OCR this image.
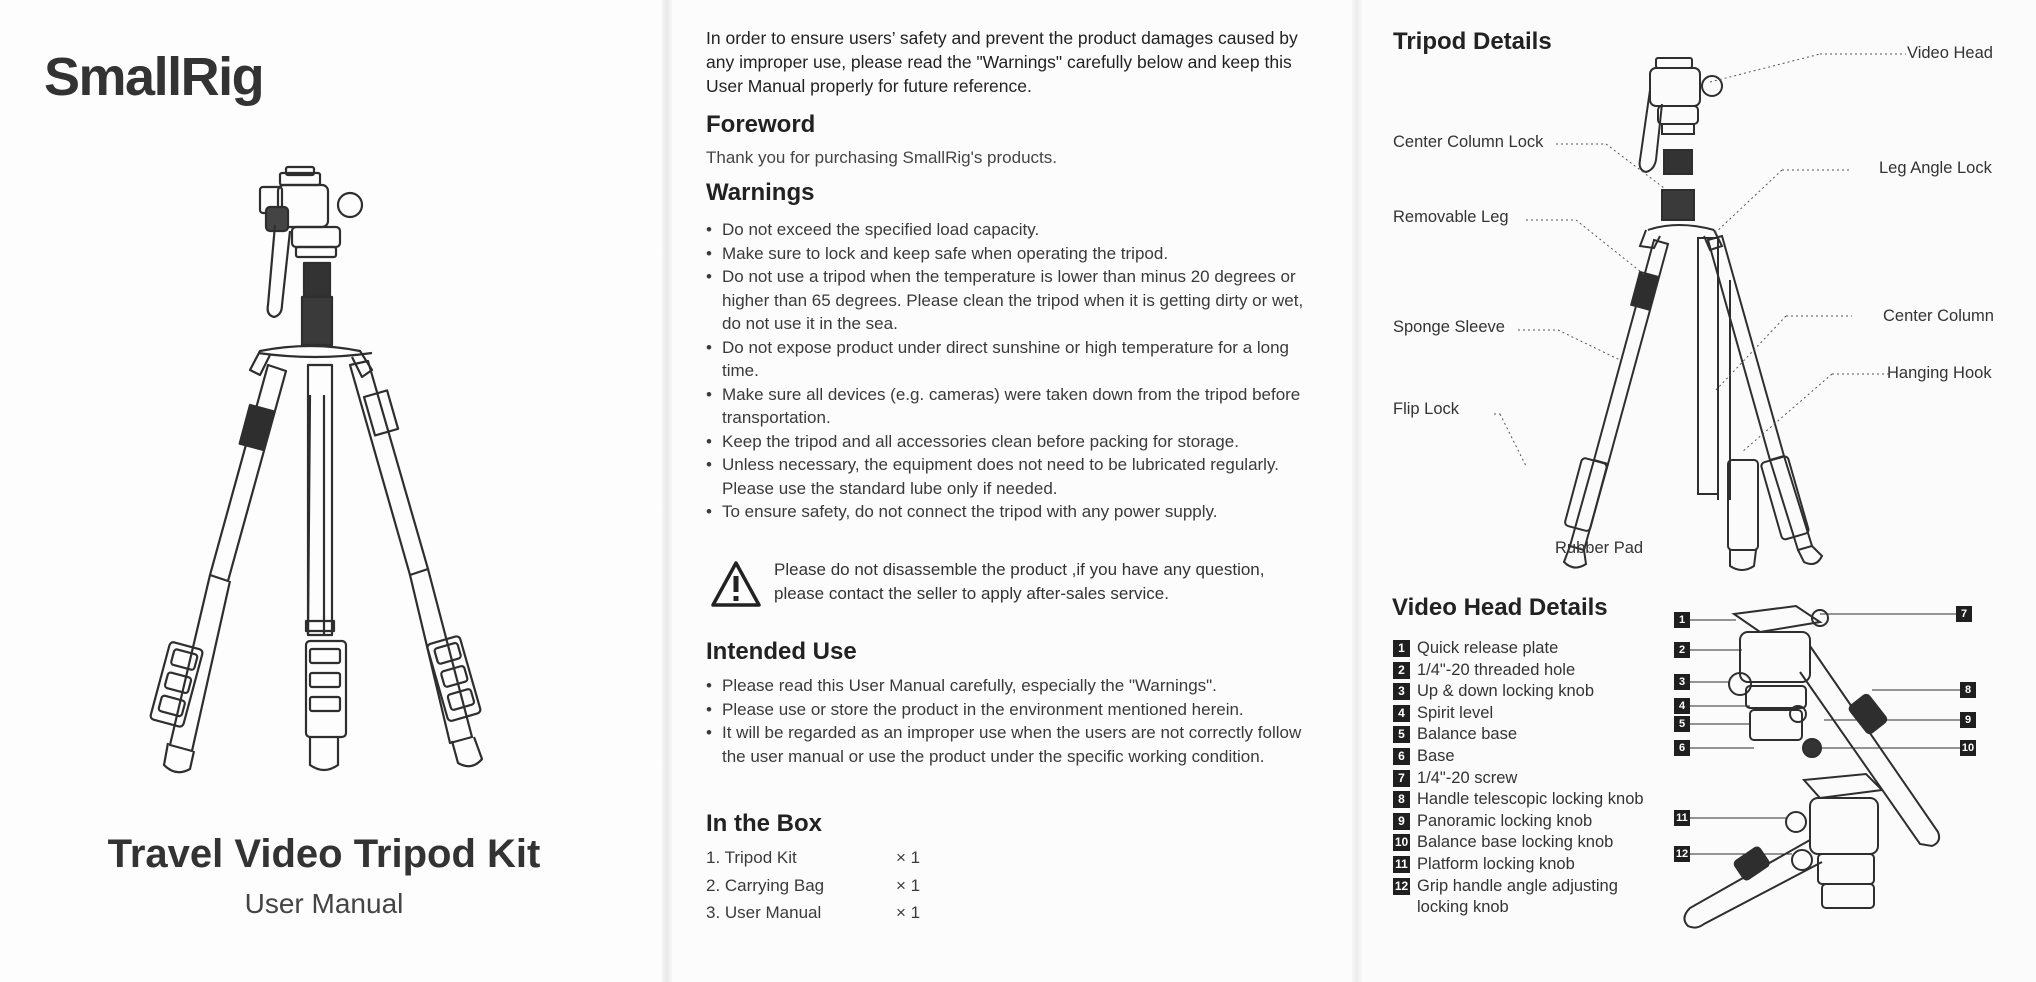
SmallRig
Travel Video Tripod Kit
User Manual

In order to ensure users’ safety and prevent the product damages caused by any improper use, please read the "Warnings" carefully below and keep this User Manual properly for future reference.

Foreword

Thank you for purchasing SmallRig's products.

Warnings
• Do not exceed the specified load capacity.
• Make sure to lock and keep safe when operating the tripod.
• Do not use a tripod when the temperature is lower than minus 20 degrees or higher than 65 degrees. Please clean the tripod when it is getting dirty or wet, do not use it in the sea.
• Do not expose product under direct sunshine or high temperature for a long time.
• Make sure all devices (e.g. cameras) were taken down from the tripod before transportation.
• Keep the tripod and all accessories clean before packing for storage.
• Unless necessary, the equipment does not need to be lubricated regularly. Please use the standard lube only if needed.
• To ensure safety, do not connect the tripod with any power supply.

Please do not disassemble the product ,if you have any question, please contact the seller to apply after-sales service.

Intended Use
• Please read this User Manual carefully, especially the "Warnings".
• Please use or store the product in the environment mentioned herein.
• It will be regarded as an improper use when the users are not correctly follow the user manual or use the product under the specific working condition.
In the Box
1. Tripod Kit	× 1
2. Carrying Bag	× 1
3. User Manual	× 1
Tripod Details	Video Head
Center Column Lock
Leg Angle Lock
Removable Leg
Sponge Sleeve
Center Column
Hanging Hook
Flip Lock
Rubber Pad
Video Head Details
1 Quick release plate
2 1/4"-20 threaded hole
3 Up & down locking knob
4 Spirit level
5 Balance base
6 Base
7 1/4"-20 screw
8 Handle telescopic locking knob
9 Panoramic locking knob
10 Balance base locking knob
11 Platform locking knob
12 Grip handle angle adjusting locking knob
1
2
3
4
5
6
7
8
9
10
11
12
